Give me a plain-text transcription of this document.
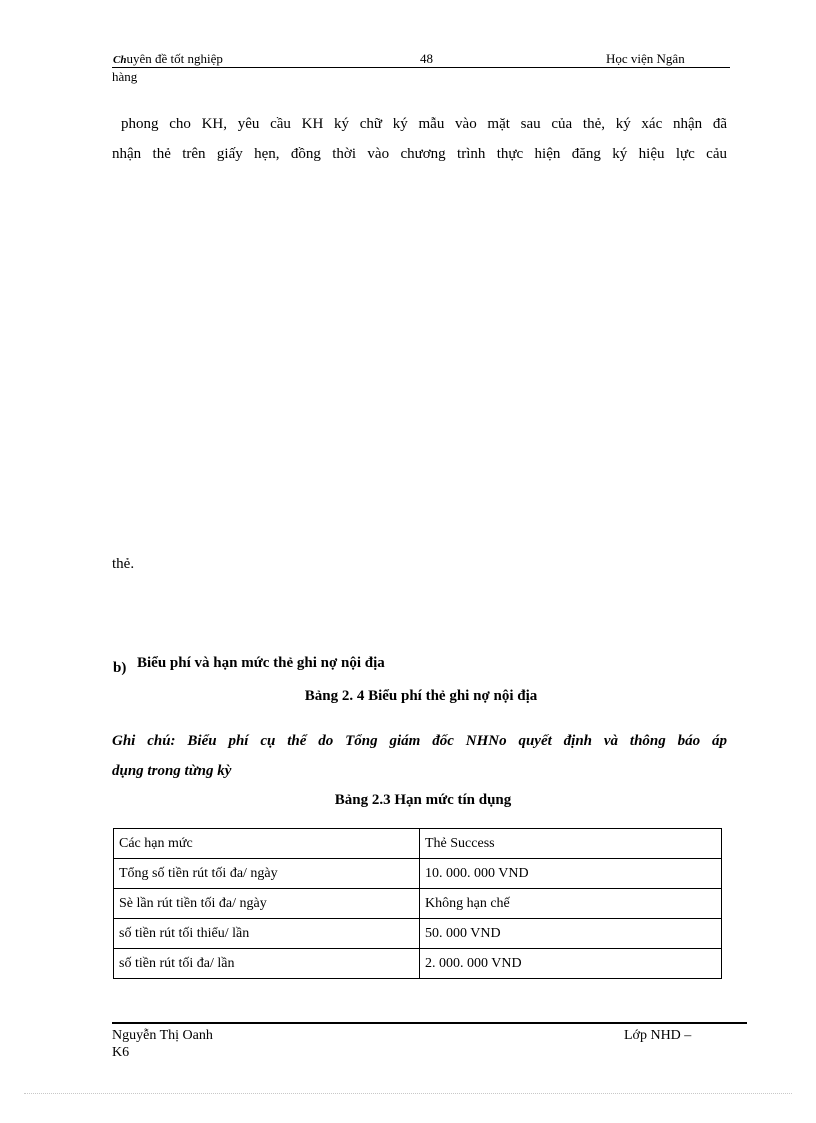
Chuyên đề tốt nghiệp	48	Học viện Ngân
hàng
phong cho KH, yêu cầu KH ký chữ ký mẫu vào mặt sau của thẻ, ký xác nhận đã
nhận thẻ trên giấy hẹn, đồng thời vào chương trình thực hiện đăng ký hiệu lực cảu
thẻ.
b) Biểu phí và hạn mức thẻ ghi nợ nội địa
Bảng 2. 4 Biểu phí thẻ ghi nợ nội địa
Ghi chú: Biểu phí cụ thể do Tổng giám đốc NHNo quyết định và thông báo áp
dụng trong từng kỳ
Bảng 2.3 Hạn mức tín dụng
Các hạn mức	Thẻ Success
Tổng số tiền rút tối đa/ ngày	10. 000. 000 VND
Sè lần rút tiền tối đa/ ngày	Không hạn chế
số tiền rút tối thiểu/ lần	50. 000 VND
số tiền rút tối đa/ lần	2. 000. 000 VND
Nguyễn Thị Oanh	Lớp NHD –
K6
